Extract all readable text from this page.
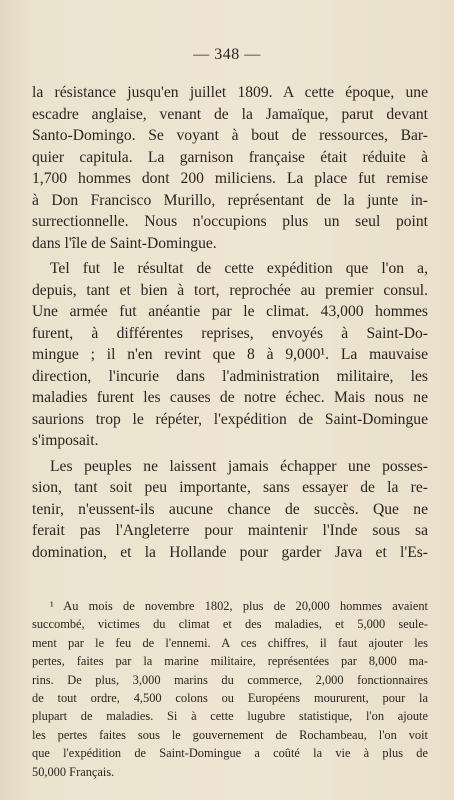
— 348 —
la résistance jusqu'en juillet 1809. A cette époque, une
escadre anglaise, venant de la Jamaïque, parut devant
Santo-Domingo. Se voyant à bout de ressources, Bar-
quier capitula. La garnison française était réduite à
1,700 hommes dont 200 miliciens. La place fut remise
à Don Francisco Murillo, représentant de la junte in-
surrectionnelle. Nous n'occupions plus un seul point
dans l'île de Saint-Domingue.
Tel fut le résultat de cette expédition que l'on a,
depuis, tant et bien à tort, reprochée au premier consul.
Une armée fut anéantie par le climat. 43,000 hommes
furent, à différentes reprises, envoyés à Saint-Do-
mingue ; il n'en revint que 8 à 9,000¹. La mauvaise
direction, l'incurie dans l'administration militaire, les
maladies furent les causes de notre échec. Mais nous ne
saurions trop le répéter, l'expédition de Saint-Domingue
s'imposait.
Les peuples ne laissent jamais échapper une posses-
sion, tant soit peu importante, sans essayer de la re-
tenir, n'eussent-ils aucune chance de succès. Que ne
ferait pas l'Angleterre pour maintenir l'Inde sous sa
domination, et la Hollande pour garder Java et l'Es-
¹ Au mois de novembre 1802, plus de 20,000 hommes avaient
succombé, victimes du climat et des maladies, et 5,000 seule-
ment par le feu de l'ennemi. A ces chiffres, il faut ajouter les
pertes, faites par la marine militaire, représentées par 8,000 ma-
rins. De plus, 3,000 marins du commerce, 2,000 fonctionnaires
de tout ordre, 4,500 colons ou Européens moururent, pour la
plupart de maladies. Si à cette lugubre statistique, l'on ajoute
les pertes faites sous le gouvernement de Rochambeau, l'on voit
que l'expédition de Saint-Domingue a coûté la vie à plus de
50,000 Français.
